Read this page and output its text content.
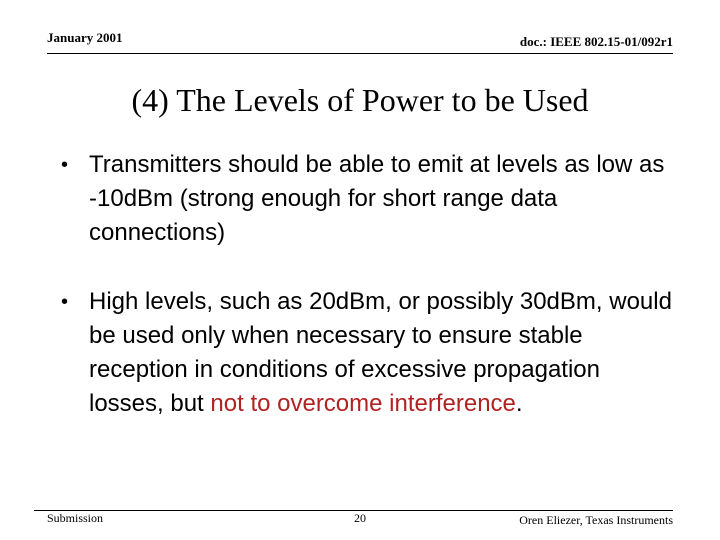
January 2001	doc.: IEEE 802.15-01/092r1
(4) The Levels of Power to be Used
• Transmitters should be able to emit at levels as low as -10dBm (strong enough for short range data connections)
• High levels, such as 20dBm, or possibly 30dBm, would be used only when necessary to ensure stable reception in conditions of excessive propagation losses, but not to overcome interference.
Submission	20	Oren Eliezer, Texas Instruments
